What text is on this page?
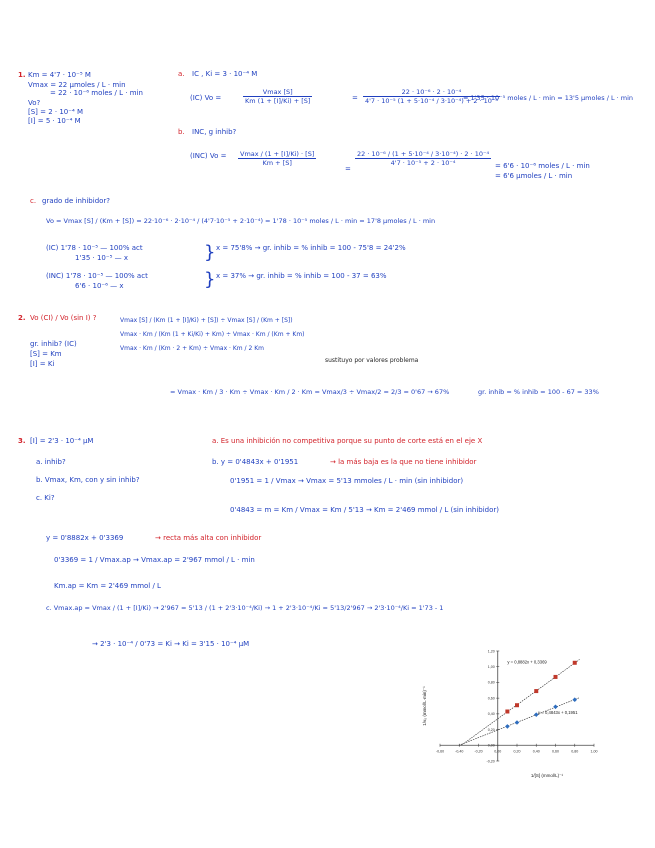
1. Km = 4'7 · 10⁻⁵ M
Vmax = 22 µmoles / L · min
= 22 · 10⁻⁶ moles / L · min
Vo?
[S] = 2 · 10⁻⁴ M
[I] = 5 · 10⁻⁴ M
a. IC , Ki = 3 · 10⁻⁴ M
(IC) Vo =
Vmax [S]
Km (1 + [I]/Ki) + [S]	= $\frac{\text{22 · 10⁻⁶ · 2 · 10⁻⁴}}{\text{4'7 · 10⁻⁵ (1 + 5·10⁻⁴ / 3·10⁻⁴) + 2 · 10⁻⁴}}$
= 1'35 · 10⁻⁵ moles / L · min = 13'5 µmoles / L · min
b. INC, g inhib?
(INC) Vo =	Vmax / (1 + [I]/Ki) · [S]
Km + [S]
=
$\frac{\text{22 · 10⁻⁶ / (1 + 5·10⁻⁴ / 3·10⁻⁴) · 2 · 10⁻⁴}}{\text{4'7 · 10⁻⁵ + 2 · 10⁻⁴}} = 6'6 \cdot 10^{-6}$ moles / L · min
= 6'6 µmoles / L · min
c. grado de inhibidor?
Vo = Vmax [S] / (Km + [S]) = 22·10⁻⁶ · 2·10⁻⁴ / (4'7·10⁻⁵ + 2·10⁻⁴) = 1'78 · 10⁻⁵ moles / L · min = 17'8 µmoles / L · min
(IC) 1'78 · 10⁻⁵ — 100% act
1'35 · 10⁻⁵ — x	} x = 75'8% → gr. inhib = % inhib = 100 - 75'8 = 24'2%
(INC) 1'78 · 10⁻⁵ — 100% act
6'6 · 10⁻⁶ — x	} x = 37% → gr. inhib = % inhib = 100 - 37 = 63%
2. Vo (CI) / Vo (sin I) ?
gr. inhib? (IC)
[S] = Km
[I] = Ki
Vmax [S] / (Km (1 + [I]/Ki) + [S]) ÷ Vmax [S] / (Km + [S])
Vmax · Km / (Km (1 + Ki/Ki) + Km) ÷ Vmax · Km / (Km + Km)
Vmax · Km / (Km · 2 + Km) ÷ Vmax · Km / 2 Km
sustituyo por valores problema
= Vmax · Km / 3 · Km ÷ Vmax · Km / 2 · Km = Vmax/3 ÷ Vmax/2 = 2/3 = 0'67 → 67%	gr. inhib = % inhib = 100 - 67 = 33%
3. [I] = 2'3 · 10⁻⁴ µM
a. inhib?
b. Vmax, Km, con y sin inhib?
c. Ki?
a. Es una inhibición no competitiva porque su punto de corte está en el eje X
b. y = 0'4843x + 0'1951	→ la más baja es la que no tiene inhibidor
0'1951 = 1 / Vmax → Vmax = 5'13 mmoles / L · min (sin inhibidor)
0'4843 = m = Km / Vmax = Km / 5'13 → Km = 2'469 mmol / L (sin inhibidor)
y = 0'8882x + 0'3369	→ recta más alta con inhibidor
0'3369 = 1 / Vmax.ap → Vmax.ap = 2'967 mmol / L · min
Km.ap = Km = 2'469 mmol / L
c. Vmax.ap = Vmax / (1 + [I]/Ki) → 2'967 = 5'13 / (1 + 2'3·10⁻⁴/Ki) → 1 + 2'3·10⁻⁴/Ki = 5'13/2'967 → 2'3·10⁻⁴/Ki = 1'73 - 1
→ 2'3 · 10⁻⁴ / 0'73 = Ki → Ki = 3'15 · 10⁻⁴ µM
-0,60	-0,40	-0,20	0,00	0,20	0,40	0,60	0,80	1,00
-0,20
0,00
0,20
0,40
0,60
0,80
1,00
1,20
1/[S] (mmol/L)⁻¹
1/v₀ (mmol/L·min)⁻¹
y = 0,8882x + 0,3369
y = 0,4843x + 0,1951
